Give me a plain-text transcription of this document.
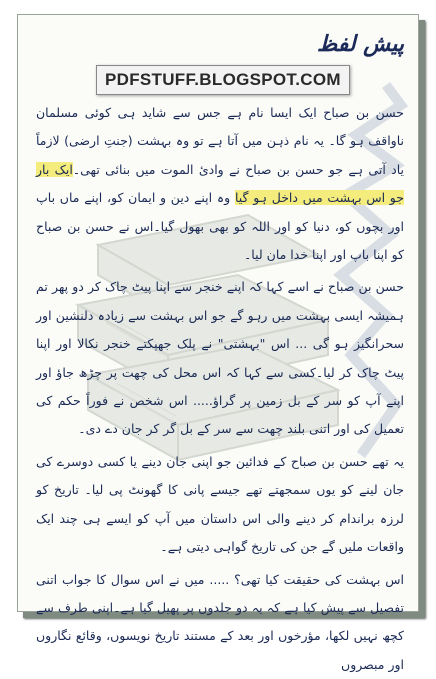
پیش لفظ
PDFSTUFF.BLOGSPOT.COM

حسن بن صباح ایک ایسا نام ہے جس سے شاید ہی کوئی مسلمان ناواقف ہو گا۔ یہ نام ذہن میں آتا ہے تو وہ بہشت (جنتِ ارضی) لازماً یاد آتی ہے جو حسن بن صباح نے وادیٔ الموت میں بنائی تھی۔ایک بار جو اس بہشت میں داخل ہو گیا وہ اپنے دین و ایمان کو، اپنے ماں باپ اور بچوں کو، دنیا کو اور اللہ کو بھی بھول گیا۔اس نے حسن بن صباح کو اپنا باپ اور اپنا خدا مان لیا۔

حسن بن صباح نے اسے کہا کہ اپنے خنجر سے اپنا پیٹ چاک کر دو پھر تم ہمیشہ ایسی بہشت میں رہو گے جو اس بہشت سے زیادہ دلنشین اور سحرانگیز ہو گی ... اس "بہشتی" نے پلک جھپکتے خنجر نکالا اور اپنا پیٹ چاک کر لیا۔کسی سے کہا کہ اس محل کی چھت پر چڑھ جاؤ اور اپنے آپ کو سر کے بل زمین پر گراؤ..... اس شخص نے فوراً حکم کی تعمیل کی اور اتنی بلند چھت سے سر کے بل گر کر جان دے دی۔

یہ تھے حسن بن صباح کے فدائین جو اپنی جان دینے یا کسی دوسرے کی جان لینے کو یوں سمجھتے تھے جیسے پانی کا گھونٹ پی لیا۔ تاریخ کو لرزہ براندام کر دینے والی اس داستان میں آپ کو ایسے ہی چند ایک واقعات ملیں گے جن کی تاریخ گواہی دیتی ہے۔

اس بہشت کی حقیقت کیا تھی؟ ..... میں نے اس سوال کا جواب اتنی تفصیل سے پیش کیا ہے کہ یہ دو جلدوں پر پھیل گیا ہے۔اپنی طرف سے کچھ نہیں لکھا، مؤرخوں اور بعد کے مستند تاریخ نویسوں، وقائع نگاروں اور مبصروں
